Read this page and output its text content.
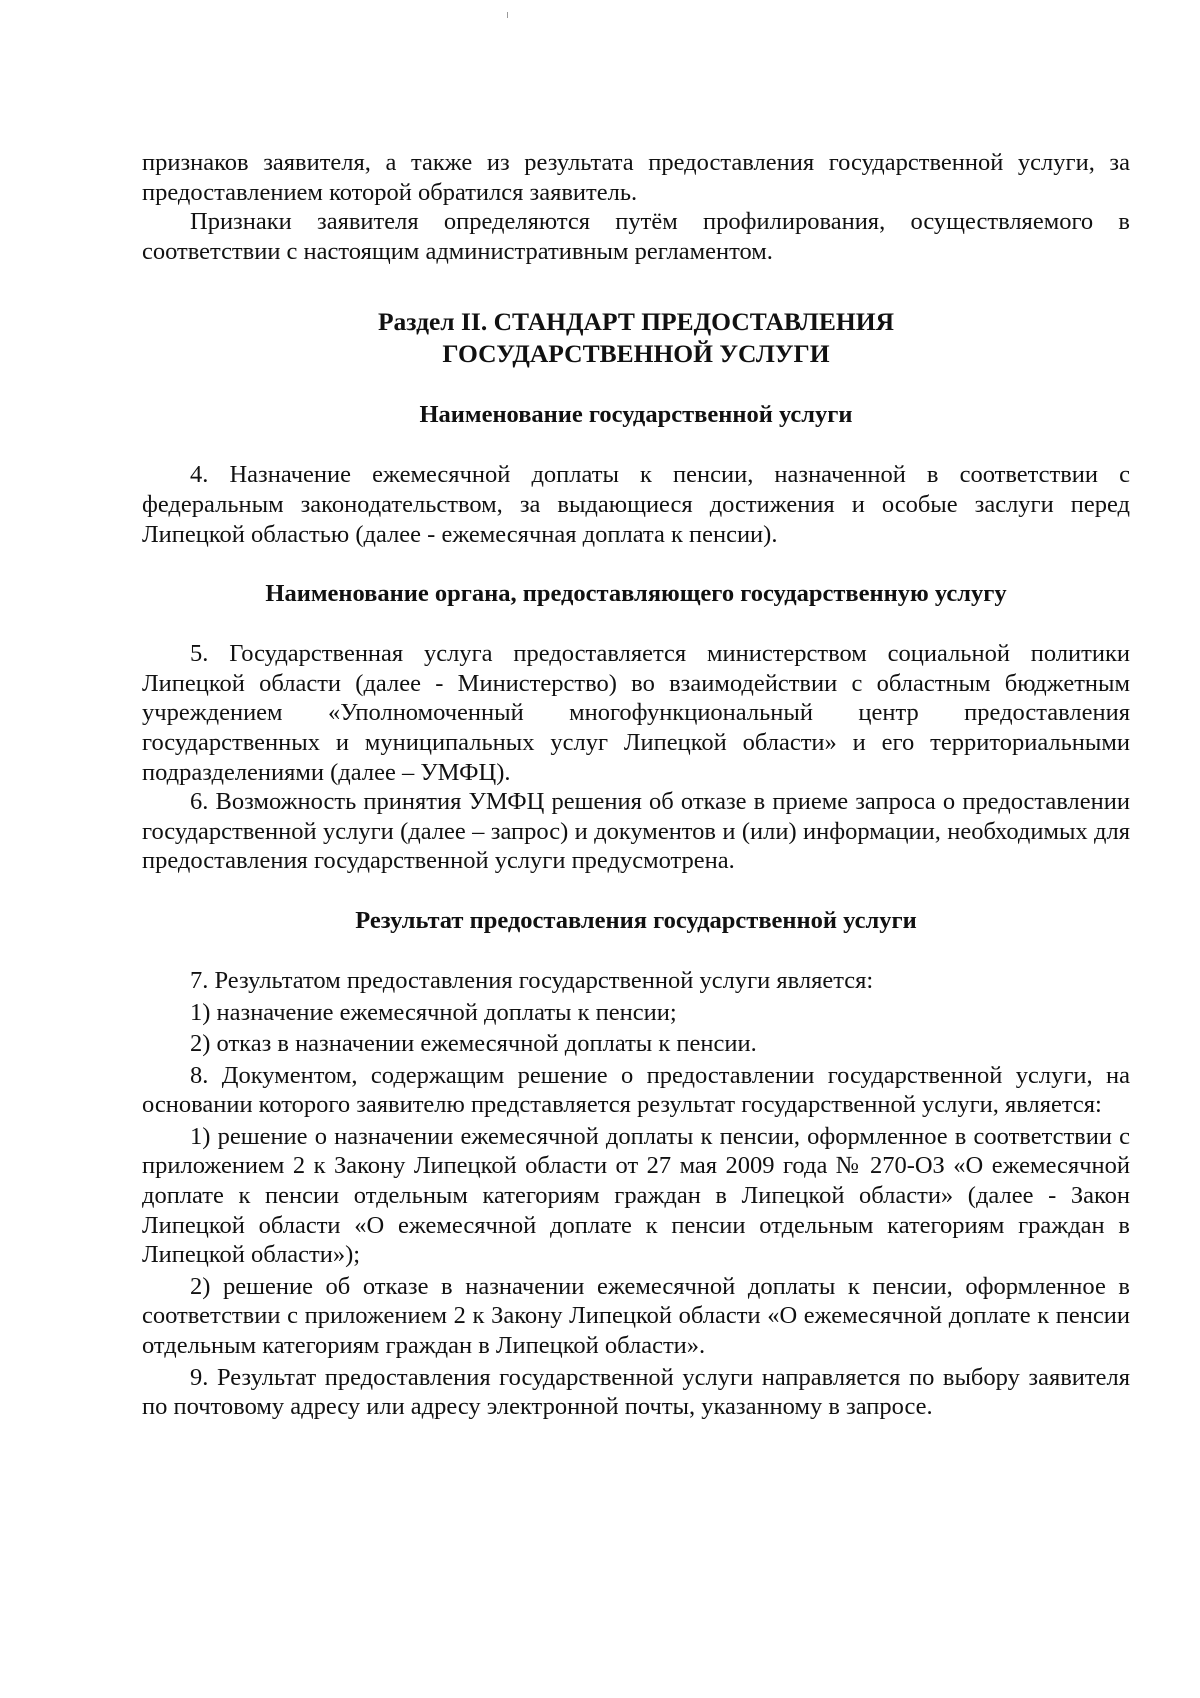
признаков заявителя, а также из результата предоставления государственной услуги, за предоставлением которой обратился заявитель.

Признаки заявителя определяются путём профилирования, осуществляемого в соответствии с настоящим административным регламентом.

Раздел II. СТАНДАРТ ПРЕДОСТАВЛЕНИЯ
ГОСУДАРСТВЕННОЙ УСЛУГИ
Наименование государственной услуги

4. Назначение ежемесячной доплаты к пенсии, назначенной в соответствии с федеральным законодательством, за выдающиеся достижения и особые заслуги перед Липецкой областью (далее - ежемесячная доплата к пенсии).

Наименование органа, предоставляющего государственную услугу

5. Государственная услуга предоставляется министерством социальной политики Липецкой области (далее - Министерство) во взаимодействии с областным бюджетным учреждением «Уполномоченный многофункциональный центр предоставления государственных и муниципальных услуг Липецкой области» и его территориальными подразделениями (далее – УМФЦ).

6. Возможность принятия УМФЦ решения об отказе в приеме запроса о предоставлении государственной услуги (далее – запрос) и документов и (или) информации, необходимых для предоставления государственной услуги предусмотрена.

Результат предоставления государственной услуги

7. Результатом предоставления государственной услуги является:

1) назначение ежемесячной доплаты к пенсии;

2) отказ в назначении ежемесячной доплаты к пенсии.

8. Документом, содержащим решение о предоставлении государственной услуги, на основании которого заявителю представляется результат государственной услуги, является:

1) решение о назначении ежемесячной доплаты к пенсии, оформленное в соответствии с приложением 2 к Закону Липецкой области от 27 мая 2009 года № 270-ОЗ «О ежемесячной доплате к пенсии отдельным категориям граждан в Липецкой области» (далее - Закон Липецкой области «О ежемесячной доплате к пенсии отдельным категориям граждан в Липецкой области»);

2) решение об отказе в назначении ежемесячной доплаты к пенсии, оформленное в соответствии с приложением 2 к Закону Липецкой области «О ежемесячной доплате к пенсии отдельным категориям граждан в Липецкой области».

9. Результат предоставления государственной услуги направляется по выбору заявителя по почтовому адресу или адресу электронной почты, указанному в запросе.
